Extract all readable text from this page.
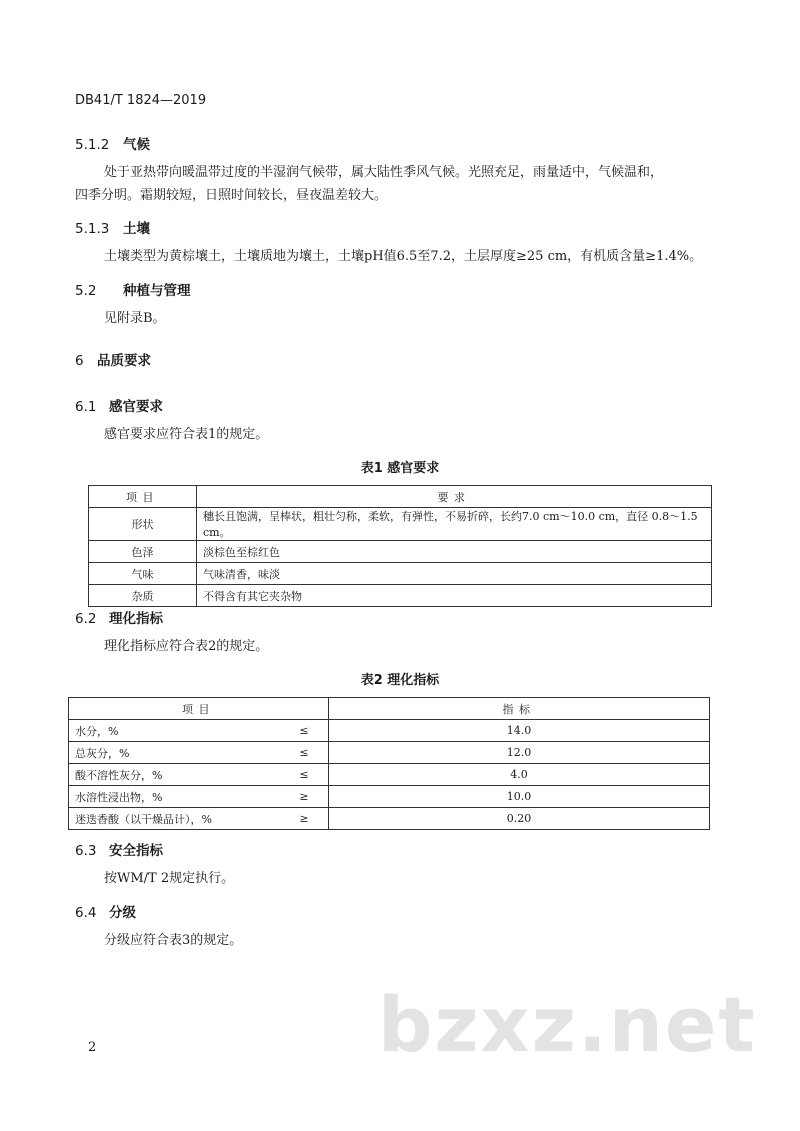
DB41/T 1824—2019
5.1.2 气候
处于亚热带向暖温带过度的半湿润气候带，属大陆性季风气候。光照充足，雨量适中，气候温和，
四季分明。霜期较短，日照时间较长，昼夜温差较大。
5.1.3 土壤
土壤类型为黄棕壤土，土壤质地为壤土，土壤pH值6.5至7.2，土层厚度≥25 cm，有机质含量≥1.4%。
5.2 种植与管理
见附录B。
6 品质要求
6.1 感官要求
感官要求应符合表1的规定。
表1 感官要求
项目	要求
形状	穗长且饱满，呈棒状，粗壮匀称，柔软，有弹性，不易折碎，长约7.0 cm～10.0 cm，直径 0.8～1.5 cm。
色泽	淡棕色至棕红色
气味	气味清香，味淡
杂质	不得含有其它夹杂物
6.2 理化指标
理化指标应符合表2的规定。
表2 理化指标
项目		指标
水分，%	≤	14.0
总灰分，%	≤	12.0
酸不溶性灰分，%	≤	4.0
水溶性浸出物，%	≥	10.0
迷迭香酸（以干燥品计），%	≥	0.20
6.3 安全指标
按WM/T 2规定执行。
6.4 分级
分级应符合表3的规定。
bzxz.net
2
